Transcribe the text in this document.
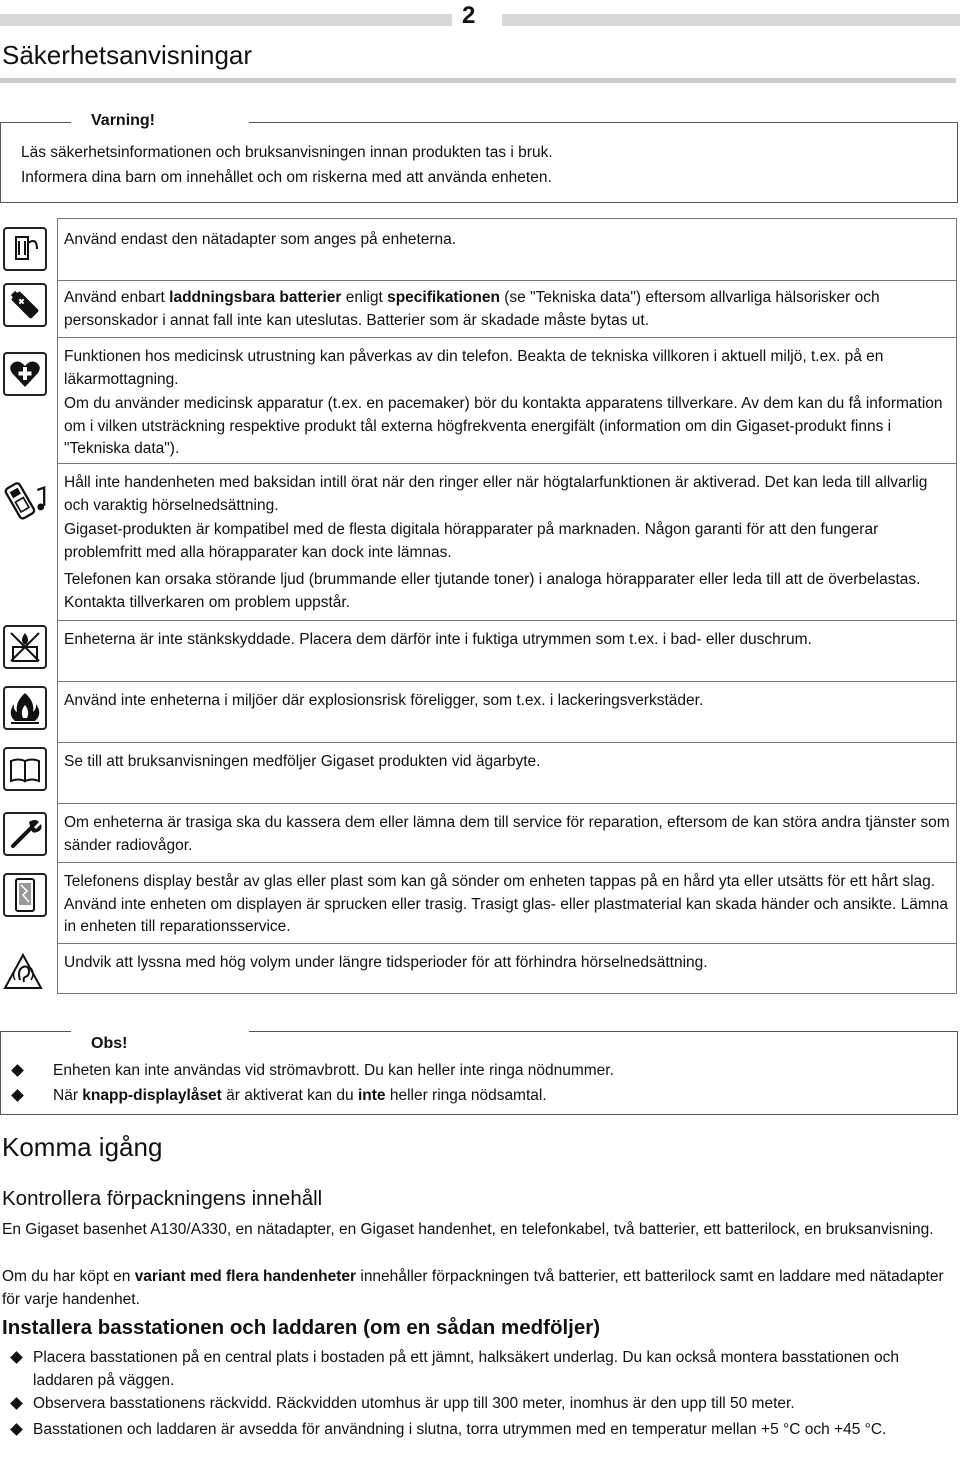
2
Säkerhetsanvisningar
Varning!
Läs säkerhetsinformationen och bruksanvisningen innan produkten tas i bruk.
Informera dina barn om innehållet och om riskerna med att använda enheten.
Använd endast den nätadapter som anges på enheterna.
Använd enbart laddningsbara batterier enligt specifikationen (se "Tekniska data") eftersom allvarliga hälsorisker och personskador i annat fall inte kan uteslutas. Batterier som är skadade måste bytas ut.
Funktionen hos medicinsk utrustning kan påverkas av din telefon. Beakta de tekniska villkoren i aktuell miljö, t.ex. på en läkarmottagning.
Om du använder medicinsk apparatur (t.ex. en pacemaker) bör du kontakta apparatens tillverkare. Av dem kan du få information om i vilken utsträckning respektive produkt tål externa högfrekventa energifält (information om din Gigaset-produkt finns i "Tekniska data").
Håll inte handenheten med baksidan intill örat när den ringer eller när högtalarfunktionen är aktiverad. Det kan leda till allvarlig och varaktig hörselnedsättning.
Gigaset-produkten är kompatibel med de flesta digitala hörapparater på marknaden. Någon garanti för att den fungerar problemfritt med alla hörapparater kan dock inte lämnas.
Telefonen kan orsaka störande ljud (brummande eller tjutande toner) i analoga hörapparater eller leda till att de överbelastas. Kontakta tillverkaren om problem uppstår.
Enheterna är inte stänkskyddade. Placera dem därför inte i fuktiga utrymmen som t.ex. i bad- eller duschrum.
Använd inte enheterna i miljöer där explosionsrisk föreligger, som t.ex. i lackeringsverkstäder.
Se till att bruksanvisningen medföljer Gigaset produkten vid ägarbyte.
Om enheterna är trasiga ska du kassera dem eller lämna dem till service för reparation, eftersom de kan störa andra tjänster som sänder radiovågor.
Telefonens display består av glas eller plast som kan gå sönder om enheten tappas på en hård yta eller utsätts för ett hårt slag. Använd inte enheten om displayen är sprucken eller trasig. Trasigt glas- eller plastmaterial kan skada händer och ansikte. Lämna in enheten till reparationsservice.
Undvik att lyssna med hög volym under längre tidsperioder för att förhindra hörselnedsättning.
Obs!
Enheten kan inte användas vid strömavbrott. Du kan heller inte ringa nödnummer.
När knapp-displaylåset är aktiverat kan du inte heller ringa nödsamtal.
Komma igång
Kontrollera förpackningens innehåll
En Gigaset basenhet A130/A330, en nätadapter, en Gigaset handenhet, en telefonkabel, två batterier, ett batterilock, en bruksanvisning.
Om du har köpt en variant med flera handenheter innehåller förpackningen två batterier, ett batterilock samt en laddare med nätadapter för varje handenhet.
Installera basstationen och laddaren (om en sådan medföljer)
Placera basstationen på en central plats i bostaden på ett jämnt, halksäkert underlag. Du kan också montera basstationen och laddaren på väggen.
Observera basstationens räckvidd. Räckvidden utomhus är upp till 300 meter, inomhus är den upp till 50 meter.
Basstationen och laddaren är avsedda för användning i slutna, torra utrymmen med en temperatur mellan +5 °C och +45 °C.
